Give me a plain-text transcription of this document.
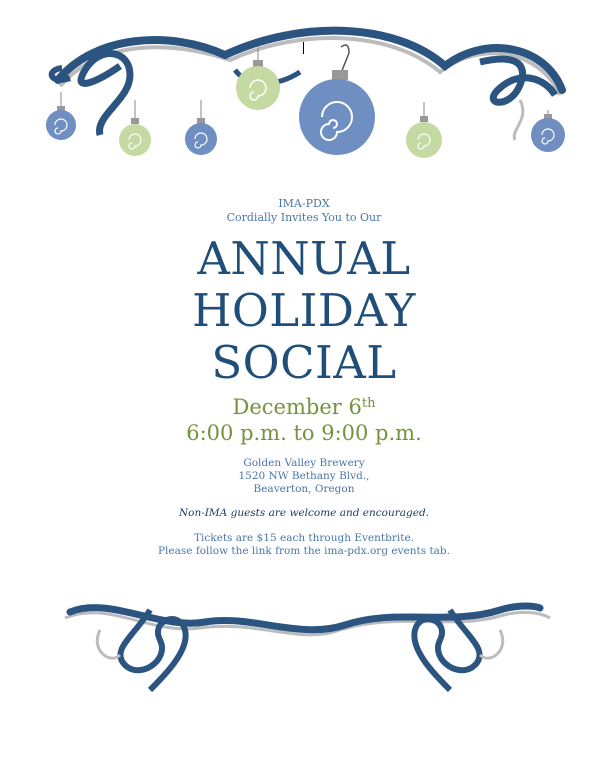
IMA-PDX
Cordially Invites You to Our
ANNUAL
HOLIDAY
SOCIAL
December 6th
6:00 p.m. to 9:00 p.m.
Golden Valley Brewery
1520 NW Bethany Blvd.,
Beaverton, Oregon
Non-IMA guests are welcome and encouraged.
Tickets are $15 each through Eventbrite.
Please follow the link from the ima-pdx.org events tab.
